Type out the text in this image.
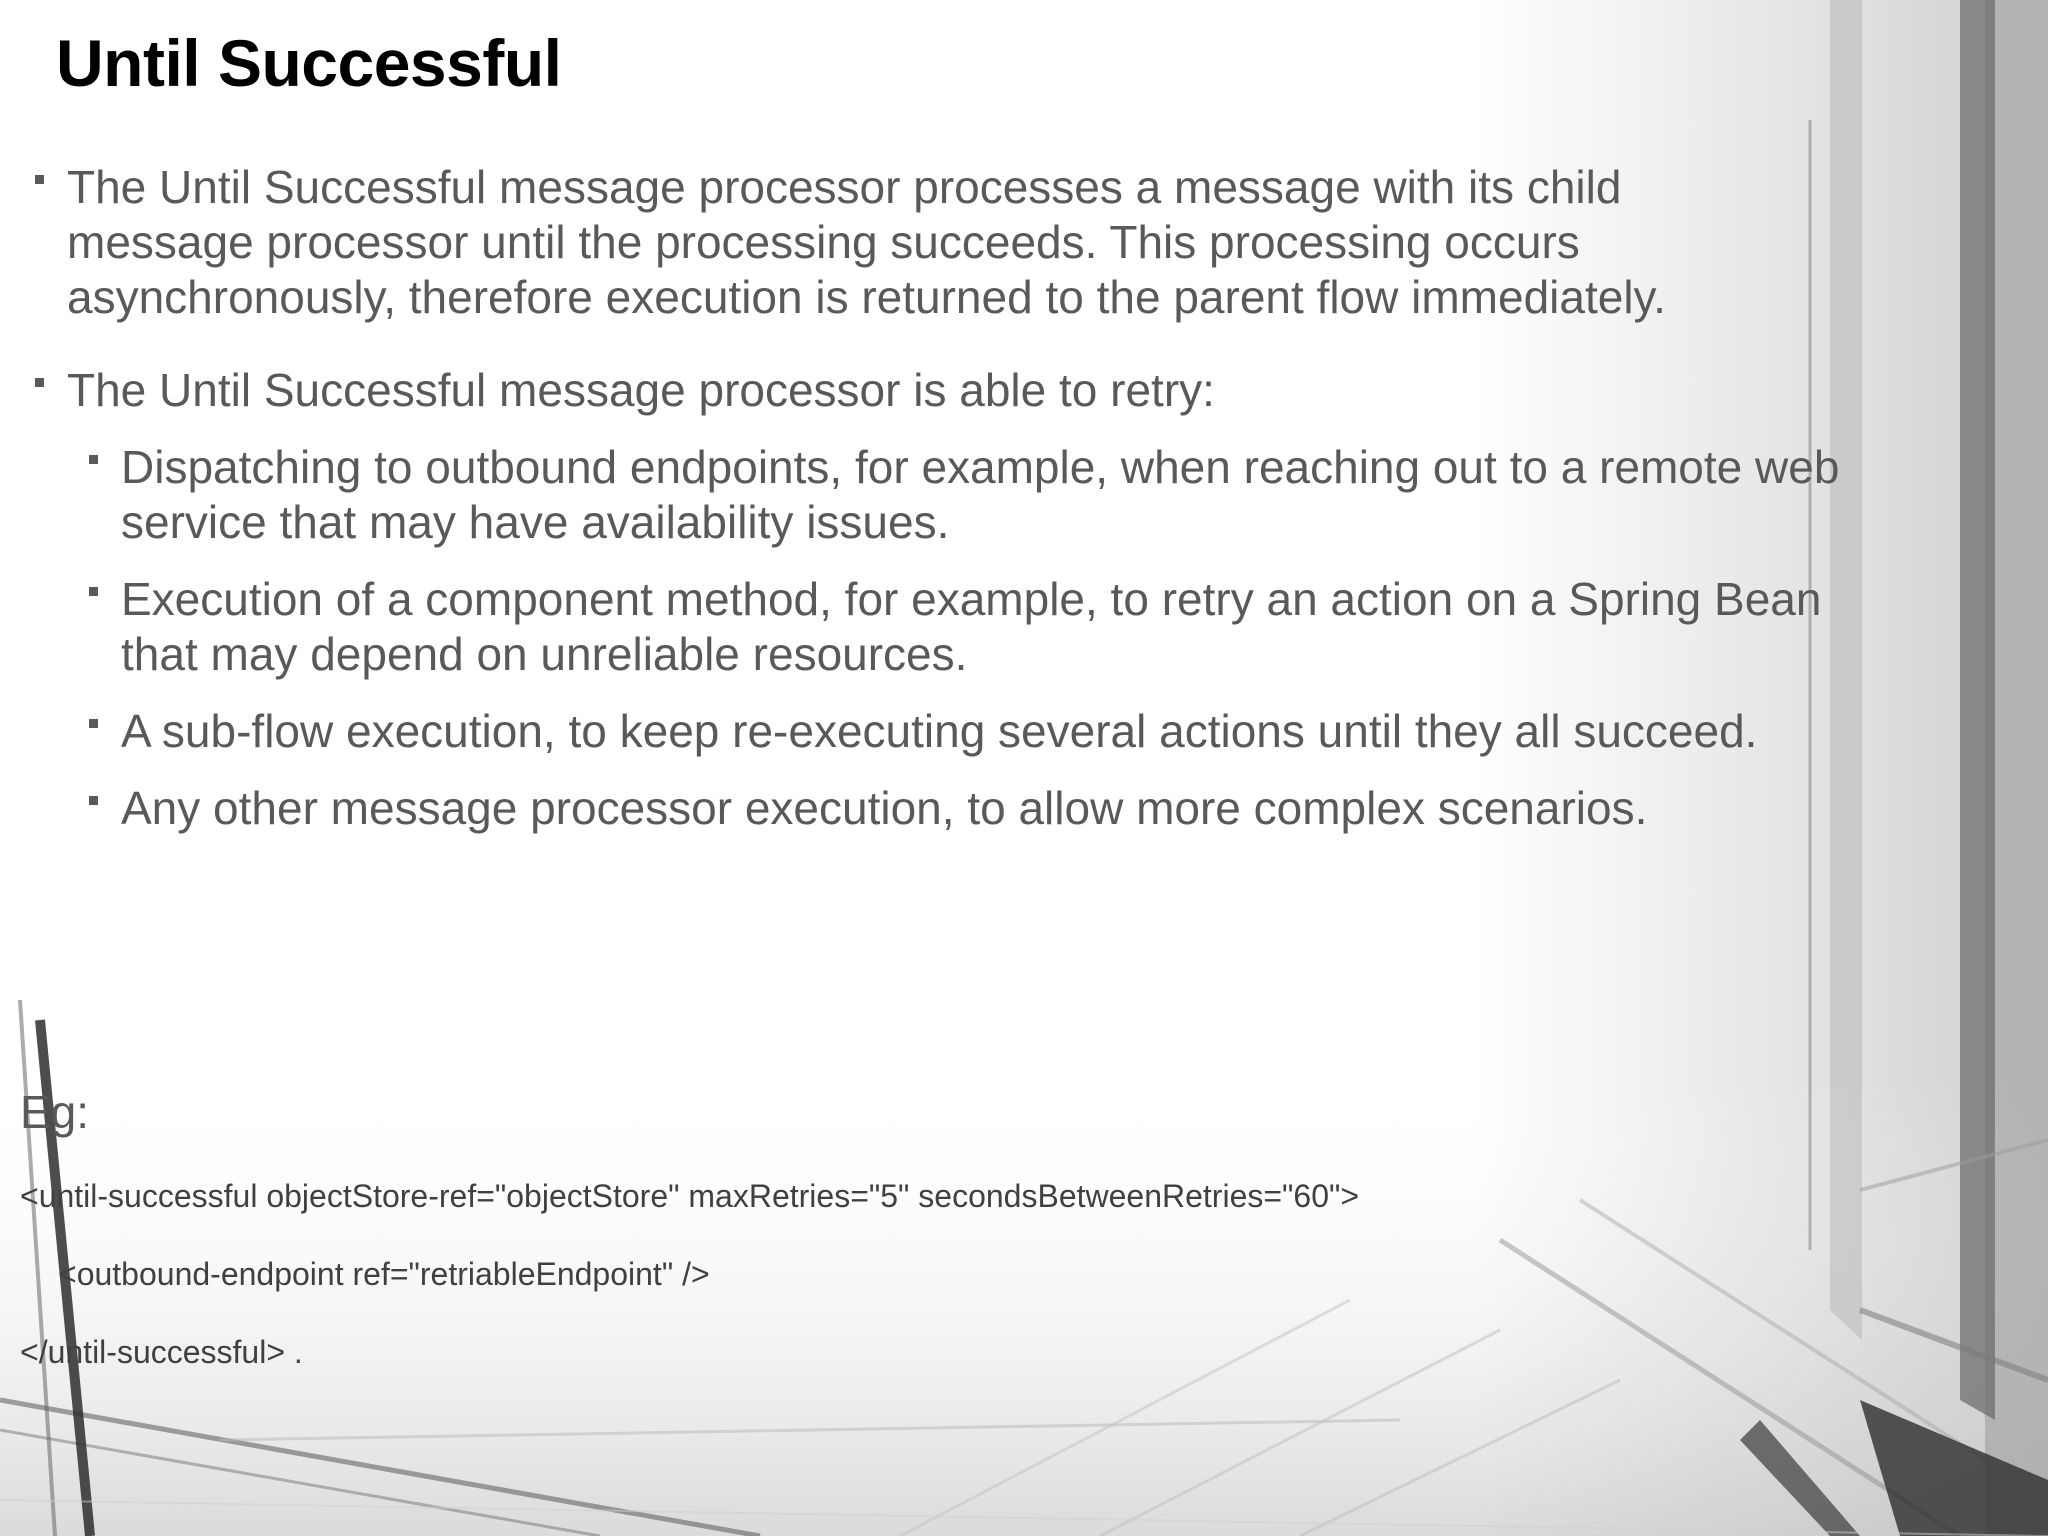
Until Successful
The Until Successful message processor processes a message with its child message processor until the processing succeeds. This processing occurs asynchronously, therefore execution is returned to the parent flow immediately.
The Until Successful message processor is able to retry:
Dispatching to outbound endpoints, for example, when reaching out to a remote web service that may have availability issues.
Execution of a component method, for example, to retry an action on a Spring Bean that may depend on unreliable resources.
A sub-flow execution, to keep re-executing several actions until they all succeed.
Any other message processor execution, to allow more complex scenarios.
Eg:
<until-successful objectStore-ref="objectStore" maxRetries="5" secondsBetweenRetries="60">
<outbound-endpoint ref="retriableEndpoint" />
</until-successful> .
